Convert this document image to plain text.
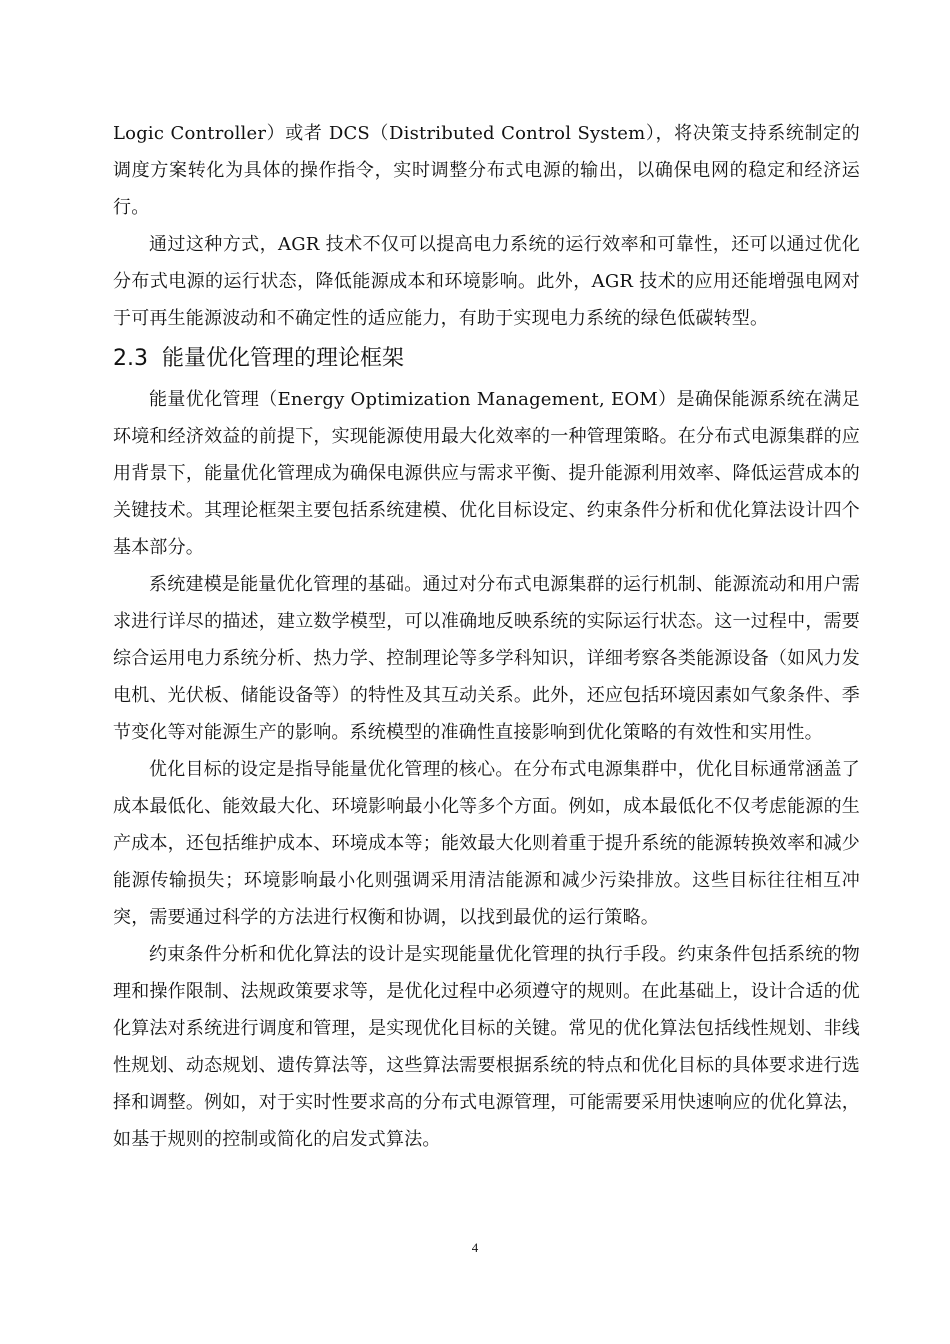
Logic Controller）或者 DCS（Distributed Control System），将决策支持系统制定的调度方案转化为具体的操作指令，实时调整分布式电源的输出，以确保电网的稳定和经济运行。

通过这种方式，AGR 技术不仅可以提高电力系统的运行效率和可靠性，还可以通过优化分布式电源的运行状态，降低能源成本和环境影响。此外，AGR 技术的应用还能增强电网对于可再生能源波动和不确定性的适应能力，有助于实现电力系统的绿色低碳转型。

2.3 能量优化管理的理论框架

能量优化管理（Energy Optimization Management, EOM）是确保能源系统在满足环境和经济效益的前提下，实现能源使用最大化效率的一种管理策略。在分布式电源集群的应用背景下，能量优化管理成为确保电源供应与需求平衡、提升能源利用效率、降低运营成本的关键技术。其理论框架主要包括系统建模、优化目标设定、约束条件分析和优化算法设计四个基本部分。

系统建模是能量优化管理的基础。通过对分布式电源集群的运行机制、能源流动和用户需求进行详尽的描述，建立数学模型，可以准确地反映系统的实际运行状态。这一过程中，需要综合运用电力系统分析、热力学、控制理论等多学科知识，详细考察各类能源设备（如风力发电机、光伏板、储能设备等）的特性及其互动关系。此外，还应包括环境因素如气象条件、季节变化等对能源生产的影响。系统模型的准确性直接影响到优化策略的有效性和实用性。

优化目标的设定是指导能量优化管理的核心。在分布式电源集群中，优化目标通常涵盖了成本最低化、能效最大化、环境影响最小化等多个方面。例如，成本最低化不仅考虑能源的生产成本，还包括维护成本、环境成本等；能效最大化则着重于提升系统的能源转换效率和减少能源传输损失；环境影响最小化则强调采用清洁能源和减少污染排放。这些目标往往相互冲突，需要通过科学的方法进行权衡和协调，以找到最优的运行策略。

约束条件分析和优化算法的设计是实现能量优化管理的执行手段。约束条件包括系统的物理和操作限制、法规政策要求等，是优化过程中必须遵守的规则。在此基础上，设计合适的优化算法对系统进行调度和管理，是实现优化目标的关键。常见的优化算法包括线性规划、非线性规划、动态规划、遗传算法等，这些算法需要根据系统的特点和优化目标的具体要求进行选择和调整。例如，对于实时性要求高的分布式电源管理，可能需要采用快速响应的优化算法，如基于规则的控制或简化的启发式算法。

4
